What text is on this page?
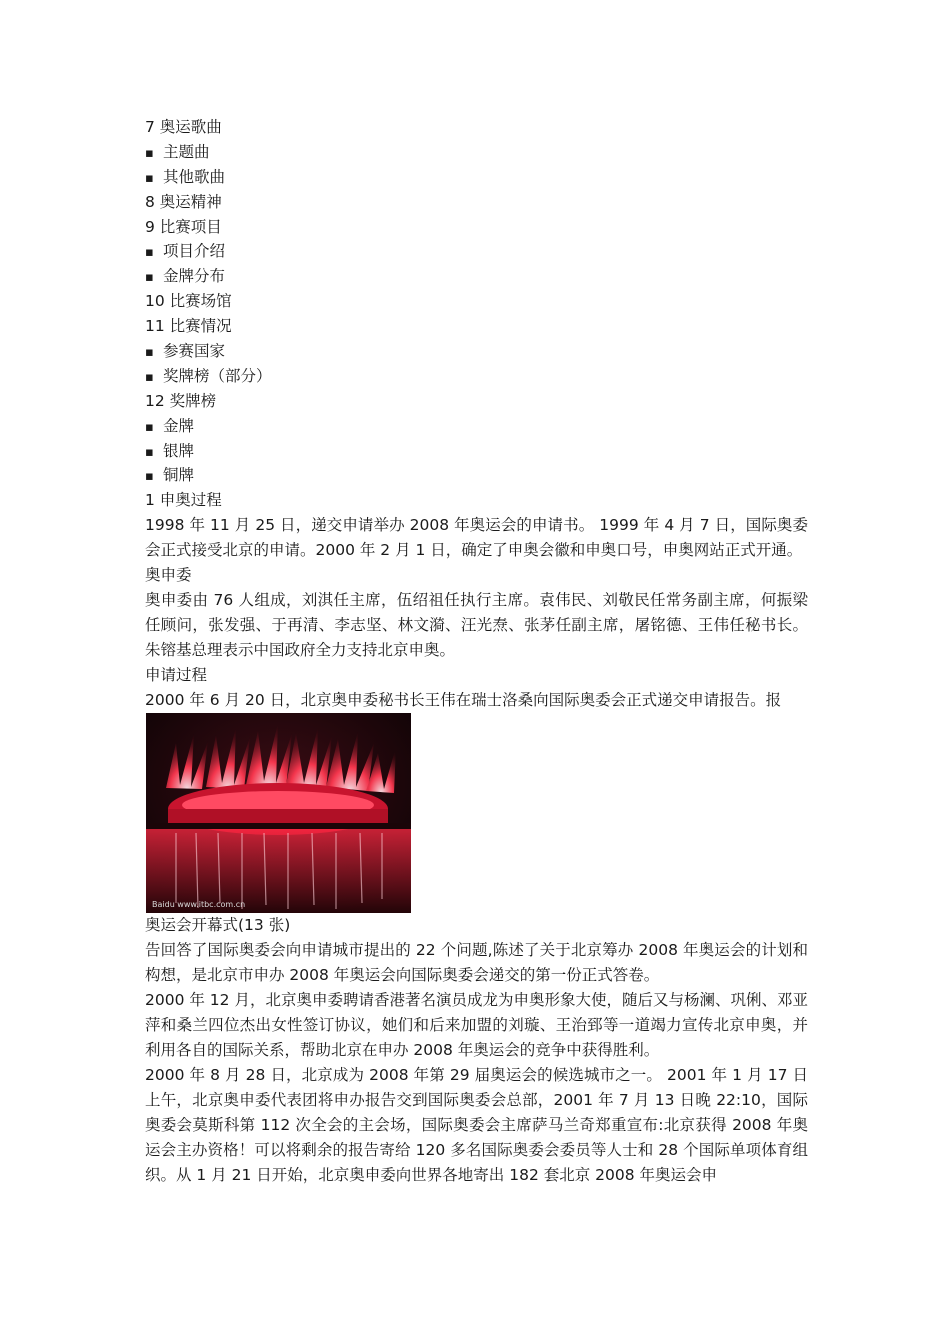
7 奥运歌曲
▪ 主题曲
▪ 其他歌曲
8 奥运精神
9 比赛项目
▪ 项目介绍
▪ 金牌分布
10 比赛场馆
11 比赛情况
▪ 参赛国家
▪ 奖牌榜（部分）
12 奖牌榜
▪ 金牌
▪ 银牌
▪ 铜牌
1 申奥过程
1998 年 11 月 25 日，递交申请举办 2008 年奥运会的申请书。 1999 年 4 月 7 日，国际奥委会正式接受北京的申请。2000 年 2 月 1 日，确定了申奥会徽和申奥口号，申奥网站正式开通。
奥申委
奥申委由 76 人组成，刘淇任主席，伍绍祖任执行主席。袁伟民、刘敬民任常务副主席，何振梁任顾问，张发强、于再清、李志坚、林文漪、汪光焘、张茅任副主席，屠铭德、王伟任秘书长。朱镕基总理表示中国政府全力支持北京申奥。
申请过程
2000 年 6 月 20 日，北京奥申委秘书长王伟在瑞士洛桑向国际奥委会正式递交申请报告。报
Baidu www.itbc.com.cn
奥运会开幕式(13 张)
告回答了国际奥委会向申请城市提出的 22 个问题,陈述了关于北京筹办 2008 年奥运会的计划和构想，是北京市申办 2008 年奥运会向国际奥委会递交的第一份正式答卷。
2000 年 12 月，北京奥申委聘请香港著名演员成龙为申奥形象大使，随后又与杨澜、巩俐、邓亚萍和桑兰四位杰出女性签订协议，她们和后来加盟的刘璇、王治郅等一道竭力宣传北京申奥，并利用各自的国际关系，帮助北京在申办 2008 年奥运会的竞争中获得胜利。
2000 年 8 月 28 日，北京成为 2008 年第 29 届奥运会的候选城市之一。 2001 年 1 月 17 日上午，北京奥申委代表团将申办报告交到国际奥委会总部，2001 年 7 月 13 日晚 22:10，国际奥委会莫斯科第 112 次全会的主会场，国际奥委会主席萨马兰奇郑重宣布:北京获得 2008 年奥运会主办资格！可以将剩余的报告寄给 120 多名国际奥委会委员等人士和 28 个国际单项体育组织。从 1 月 21 日开始，北京奥申委向世界各地寄出 182 套北京 2008 年奥运会申
